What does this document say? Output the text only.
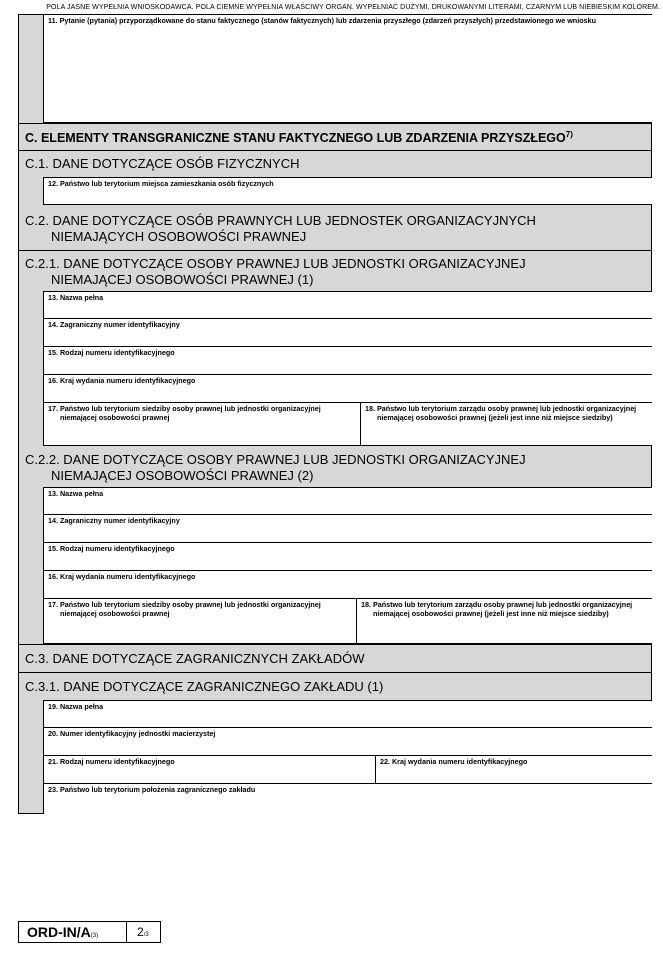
POLA JASNE WYPEŁNIA WNIOSKODAWCA. POLA CIEMNE WYPEŁNIA WŁAŚCIWY ORGAN. WYPEŁNIAĆ DUŻYMI, DRUKOWANYMI LITERAMI, CZARNYM LUB NIEBIESKIM KOLOREM.
11. Pytanie (pytania) przyporządkowane do stanu faktycznego (stanów faktycznych) lub zdarzenia przyszłego (zdarzeń przyszłych) przedstawionego we wniosku
C. ELEMENTY TRANSGRANICZNE STANU FAKTYCZNEGO LUB ZDARZENIA PRZYSZŁEGO$^{7)}$
C.1. DANE DOTYCZĄCE OSÓB FIZYCZNYCH
12. Państwo lub terytorium miejsca zamieszkania osób fizycznych
C.2. DANE DOTYCZĄCE OSÓB PRAWNYCH LUB JEDNOSTEK ORGANIZACYJNYCH
NIEMAJĄCYCH OSOBOWOŚCI PRAWNEJ
C.2.1. DANE DOTYCZĄCE OSOBY PRAWNEJ LUB JEDNOSTKI ORGANIZACYJNEJ
NIEMAJĄCEJ OSOBOWOŚCI PRAWNEJ (1)
13. Nazwa pełna
14. Zagraniczny numer identyfikacyjny
15. Rodzaj numeru identyfikacyjnego
16. Kraj wydania numeru identyfikacyjnego
17. Państwo lub terytorium siedziby osoby prawnej lub jednostki organizacyjnej niemającej osobowości prawnej
18. Państwo lub terytorium zarządu osoby prawnej lub jednostki organizacyjnej niemającej osobowości prawnej (jeżeli jest inne niż miejsce siedziby)
C.2.2. DANE DOTYCZĄCE OSOBY PRAWNEJ LUB JEDNOSTKI ORGANIZACYJNEJ
NIEMAJĄCEJ OSOBOWOŚCI PRAWNEJ (2)
13. Nazwa pełna
14. Zagraniczny numer identyfikacyjny
15. Rodzaj numeru identyfikacyjnego
16. Kraj wydania numeru identyfikacyjnego
17. Państwo lub terytorium siedziby osoby prawnej lub jednostki organizacyjnej niemającej osobowości prawnej
18. Państwo lub terytorium zarządu osoby prawnej lub jednostki organizacyjnej niemającej osobowości prawnej (jeżeli jest inne niż miejsce siedziby)
C.3. DANE DOTYCZĄCE ZAGRANICZNYCH ZAKŁADÓW
C.3.1. DANE DOTYCZĄCE ZAGRANICZNEGO ZAKŁADU (1)
19. Nazwa pełna
20. Numer identyfikacyjny jednostki macierzystej
21. Rodzaj numeru identyfikacyjnego	22. Kraj wydania numeru identyfikacyjnego
23. Państwo lub terytorium położenia zagranicznego zakładu
ORD-IN/A(3)	2/3
